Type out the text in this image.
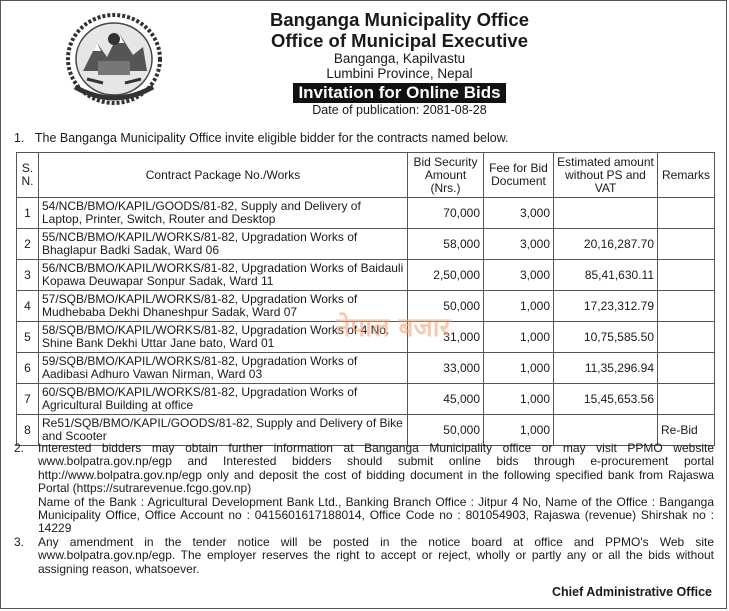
Banganga Municipality Office
Office of Municipal Executive
Banganga, Kapilvastu
Lumbini Province, Nepal
Invitation for Online Bids
Date of publication: 2081-08-28
1. The Banganga Municipality Office invite eligible bidder for the contracts named below.
S. N.	Contract Package No./Works	Bid Security Amount (Nrs.)	Fee for Bid Document	Estimated amount without PS and VAT	Remarks
1	54/NCB/BMO/KAPIL/GOODS/81-82, Supply and Delivery of Laptop, Printer, Switch, Router and Desktop	70,000	3,000		
2	55/NCB/BMO/KAPIL/WORKS/81-82, Upgradation Works of Bhaglapur Badki Sadak, Ward 06	58,000	3,000	20,16,287.70	
3	56/NCB/BMO/KAPIL/WORKS/81-82, Upgradation Works of Baidauli Kopawa Deuwapar Sonpur Sadak, Ward 11	2,50,000	3,000	85,41,630.11	
4	57/SQB/BMO/KAPIL/WORKS/81-82, Upgradation Works of Mudhebaba Dekhi Dhaneshpur Sadak, Ward 07	50,000	1,000	17,23,312.79	
5	58/SQB/BMO/KAPIL/WORKS/81-82, Upgradation Works of 4 No. Shine Bank Dekhi Uttar Jane bato, Ward 01	31,000	1,000	10,75,585.50	
6	59/SQB/BMO/KAPIL/WORKS/81-82, Upgradation Works of Aadibasi Adhuro Vawan Nirman, Ward 03	33,000	1,000	11,35,296.94	
7	60/SQB/BMO/KAPIL/WORKS/81-82, Upgradation Works of Agricultural Building at office	45,000	1,000	15,45,653.56	
8	Re51/SQB/BMO/KAPIL/GOODS/81-82, Supply and Delivery of Bike and Scooter	50,000	1,000		Re-Bid
नेपाल बजार
2.	Interested bidders may obtain further information at Banganga Municipality office or may visit PPMO website www.bolpatra.gov.np/egp and Interested bidders should submit online bids through e-procurement portal http://www.bolpatra.gov.np/egp only and deposit the cost of bidding document in the following specified bank from Rajaswa Portal (https://sutrarevenue.fcgo.gov.np)
Name of the Bank : Agricultural Development Bank Ltd., Banking Branch Office : Jitpur 4 No, Name of the Office : Banganga Municipality Office, Office Account no : 0415601617188014, Office Code no : 801054903, Rajaswa (revenue) Shirshak no : 14229
3.	Any amendment in the tender notice will be posted in the notice board at office and PPMO's Web site www.bolpatra.gov.np/egp. The employer reserves the right to accept or reject, wholly or partly any or all the bids without assigning reason, whatsoever.
Chief Administrative Office
